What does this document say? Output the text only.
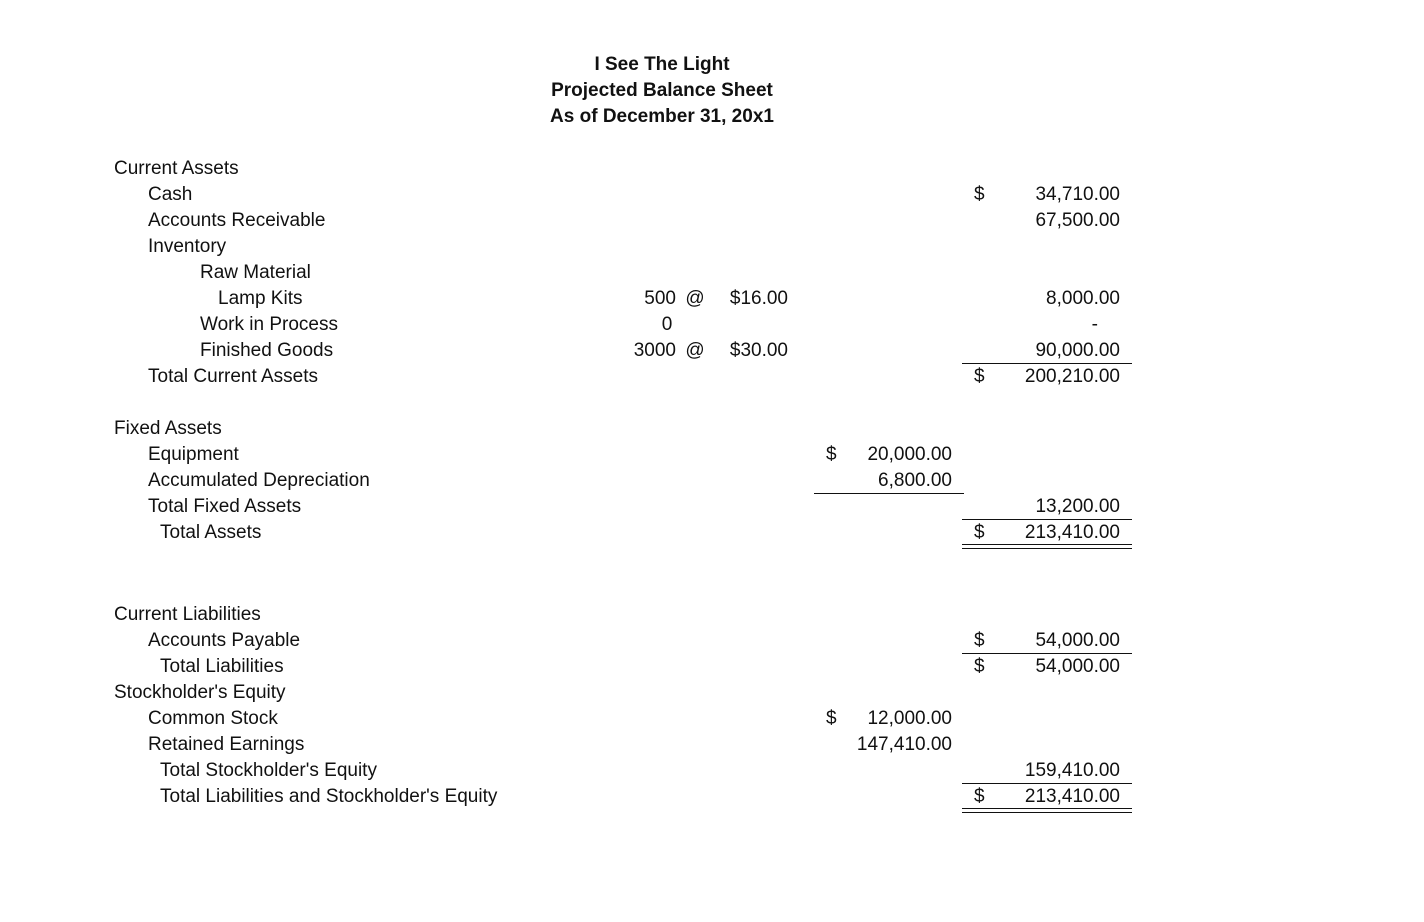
I See The Light
Projected Balance Sheet
As of December 31, 20x1
Current Assets
Cash	$	34,710.00
Accounts Receivable	67,500.00
Inventory
Raw Material
Lamp Kits	500 @	$16.00	8,000.00
Work in Process	0	-
Finished Goods	3000 @	$30.00	90,000.00
Total Current Assets	$	200,210.00
Fixed Assets
Equipment	$	20,000.00
Accumulated Depreciation	6,800.00
Total Fixed Assets	13,200.00
Total Assets	$	213,410.00
Current Liabilities
Accounts Payable	$	54,000.00
Total Liabilities	$	54,000.00
Stockholder's Equity
Common Stock	$	12,000.00
Retained Earnings	147,410.00
Total Stockholder's Equity	159,410.00
Total Liabilities and Stockholder's Equity	$	213,410.00
